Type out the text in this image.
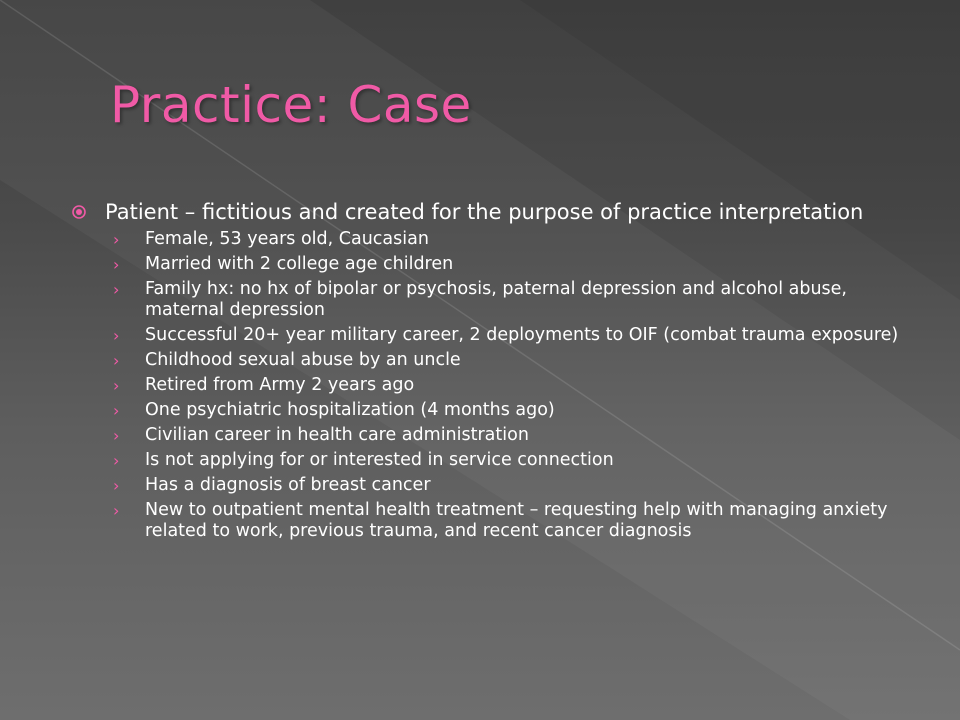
Practice: Case
Patient – fictitious and created for the purpose of practice interpretation
› Female, 53 years old, Caucasian
› Married with 2 college age children
› Family hx: no hx of bipolar or psychosis, paternal depression and alcohol abuse, maternal depression
› Successful 20+ year military career, 2 deployments to OIF (combat trauma exposure)
› Childhood sexual abuse by an uncle
› Retired from Army 2 years ago
› One psychiatric hospitalization (4 months ago)
› Civilian career in health care administration
› Is not applying for or interested in service connection
› Has a diagnosis of breast cancer
› New to outpatient mental health treatment – requesting help with managing anxiety related to work, previous trauma, and recent cancer diagnosis
